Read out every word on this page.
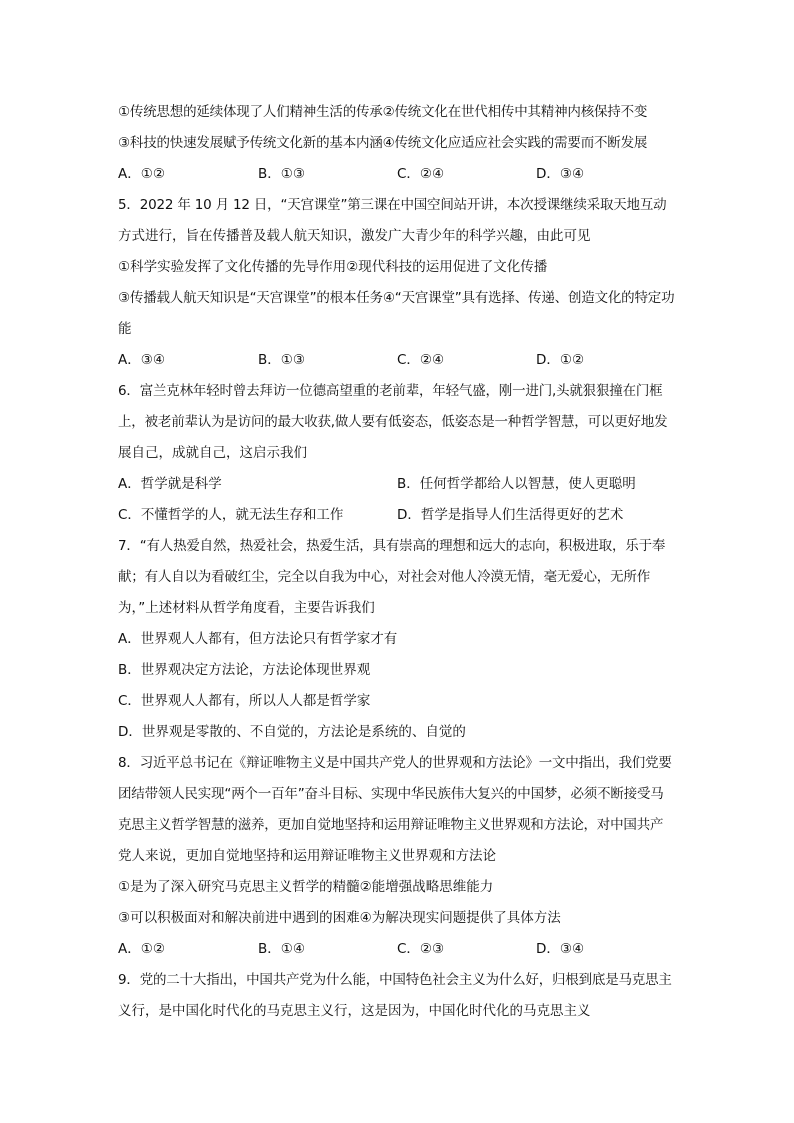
①传统思想的延续体现了人们精神生活的传承②传统文化在世代相传中其精神内核保持不变
③科技的快速发展赋予传统文化新的基本内涵④传统文化应适应社会实践的需要而不断发展
A．①②	B．①③	C．②④	D．③④
5．2022 年 10 月 12 日，“天宫课堂”第三课在中国空间站开讲，本次授课继续采取天地互动
方式进行，旨在传播普及载人航天知识，激发广大青少年的科学兴趣，由此可见
①科学实验发挥了文化传播的先导作用②现代科技的运用促进了文化传播
③传播载人航天知识是“天宫课堂”的根本任务④“天宫课堂”具有选择、传递、创造文化的特定功
能
A．③④	B．①③	C．②④	D．①②
6．富兰克林年轻时曾去拜访一位德高望重的老前辈，年轻气盛，刚一进门,头就狠狠撞在门框
上，被老前辈认为是访问的最大收获,做人要有低姿态，低姿态是一种哲学智慧，可以更好地发
展自己，成就自己，这启示我们
A．哲学就是科学	B．任何哲学都给人以智慧，使人更聪明
C．不懂哲学的人，就无法生存和工作	D．哲学是指导人们生活得更好的艺术
7．“有人热爱自然，热爱社会，热爱生活，具有崇高的理想和远大的志向，积极进取，乐于奉
献；有人自以为看破红尘，完全以自我为中心，对社会对他人冷漠无情，毫无爱心，无所作
为，”上述材料从哲学角度看，主要告诉我们
A．世界观人人都有，但方法论只有哲学家才有
B．世界观决定方法论，方法论体现世界观
C．世界观人人都有，所以人人都是哲学家
D．世界观是零散的、不自觉的，方法论是系统的、自觉的
8．习近平总书记在《辩证唯物主义是中国共产党人的世界观和方法论》一文中指出，我们党要
团结带领人民实现“两个一百年”奋斗目标、实现中华民族伟大复兴的中国梦，必须不断接受马
克思主义哲学智慧的滋养，更加自觉地坚持和运用辩证唯物主义世界观和方法论，对中国共产
党人来说，更加自觉地坚持和运用辩证唯物主义世界观和方法论
①是为了深入研究马克思主义哲学的精髓②能增强战略思维能力
③可以积极面对和解决前进中遇到的困难④为解决现实问题提供了具体方法
A．①②	B．①④	C．②③	D．③④
9．党的二十大指出，中国共产党为什么能，中国特色社会主义为什么好，归根到底是马克思主
义行，是中国化时代化的马克思主义行，这是因为，中国化时代化的马克思主义
